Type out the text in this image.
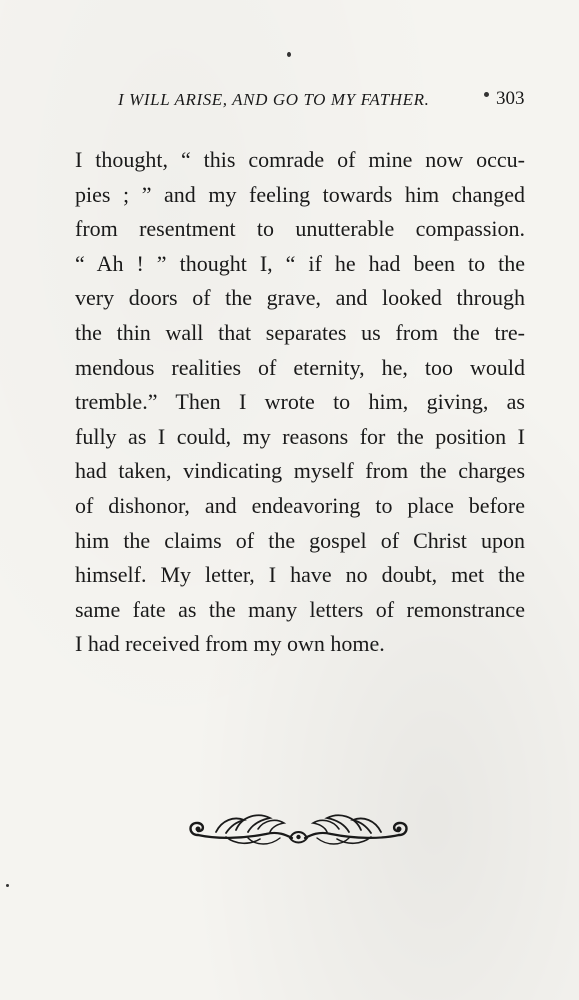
I WILL ARISE, AND GO TO MY FATHER.	303
I thought, “ this comrade of mine now occu-
pies ; ” and my feeling towards him changed
from resentment to unutterable compassion.
“ Ah ! ” thought I, “ if he had been to the
very doors of the grave, and looked through
the thin wall that separates us from the tre-
mendous realities of eternity, he, too would
tremble.” Then I wrote to him, giving, as
fully as I could, my reasons for the position I
had taken, vindicating myself from the charges
of dishonor, and endeavoring to place before
him the claims of the gospel of Christ upon
himself. My letter, I have no doubt, met the
same fate as the many letters of remonstrance
I had received from my own home.
